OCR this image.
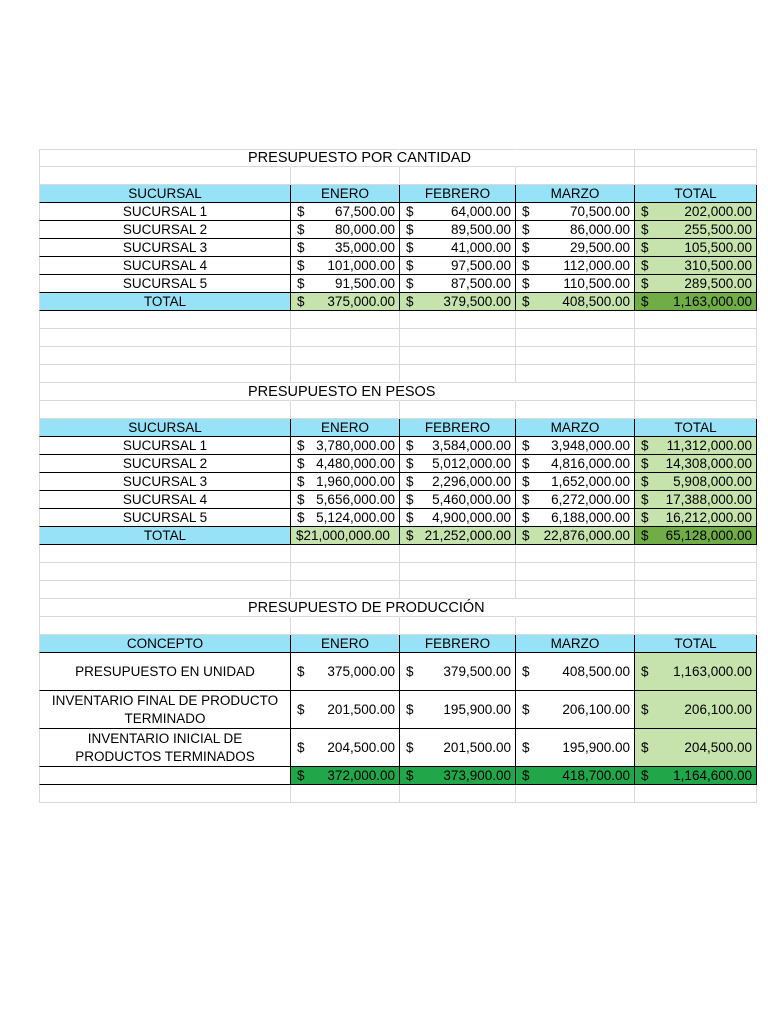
PRESUPUESTO POR CANTIDAD
SUCURSAL	ENERO	FEBRERO	MARZO	TOTAL
SUCURSAL 1	$ 67,500.00 $	64,000.00 $	70,500.00 $	202,000.00
SUCURSAL 2	$ 80,000.00 $	89,500.00 $	86,000.00 $	255,500.00
SUCURSAL 3	$ 35,000.00 $	41,000.00 $	29,500.00 $	105,500.00
SUCURSAL 4	$ 101,000.00 $	97,500.00 $	112,000.00 $	310,500.00
SUCURSAL 5	$ 91,500.00 $	87,500.00 $	110,500.00 $	289,500.00
TOTAL	$ 375,000.00 $ 379,500.00 $ 408,500.00 $ 1,163,000.00
PRESUPUESTO EN PESOS
SUCURSAL	ENERO	FEBRERO	MARZO	TOTAL
SUCURSAL 1	$ 3,780,000.00 $ 3,584,000.00 $ 3,948,000.00 $ 11,312,000.00
SUCURSAL 2	$ 4,480,000.00 $ 5,012,000.00 $ 4,816,000.00 $ 14,308,000.00
SUCURSAL 3	$ 1,960,000.00 $ 2,296,000.00 $ 1,652,000.00 $ 5,908,000.00
SUCURSAL 4	$ 5,656,000.00 $ 5,460,000.00 $ 6,272,000.00 $ 17,388,000.00
SUCURSAL 5	$ 5,124,000.00 $ 4,900,000.00 $ 6,188,000.00 $ 16,212,000.00
TOTAL	$21,000,000.00 $ 21,252,000.00 $ 22,876,000.00 $ 65,128,000.00
PRESUPUESTO DE PRODUCCIÓN
CONCEPTO	ENERO	FEBRERO	MARZO	TOTAL
PRESUPUESTO EN UNIDAD	$ 375,000.00 $ 379,500.00 $ 408,500.00 $ 1,163,000.00
INVENTARIO FINAL DE PRODUCTO TERMINADO
$ 201,500.00 $ 195,900.00 $ 206,100.00 $	206,100.00
INVENTARIO INICIAL DE PRODUCTOS TERMINADOS
$ 204,500.00 $ 201,500.00 $ 195,900.00 $	204,500.00
$ 372,000.00 $ 373,900.00 $ 418,700.00 $ 1,164,600.00
